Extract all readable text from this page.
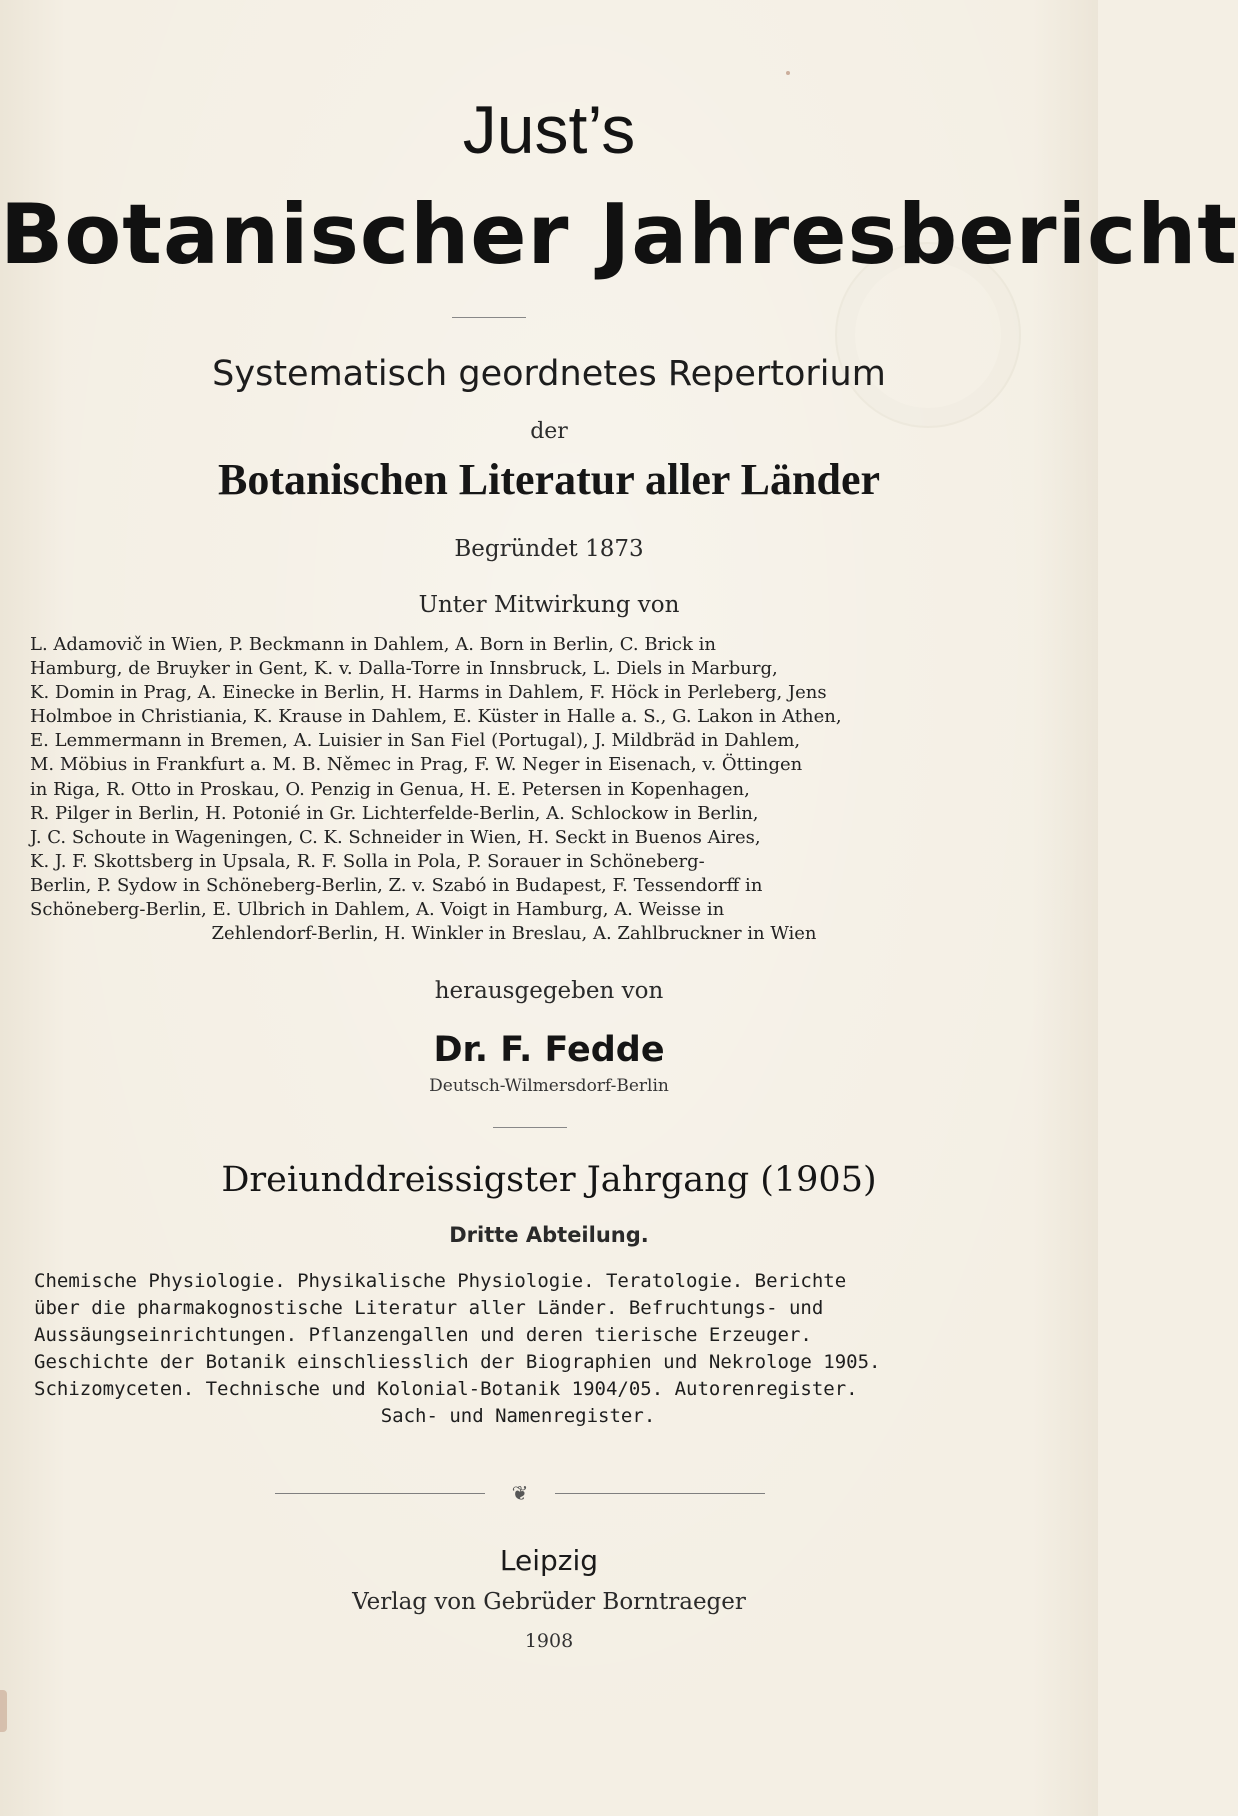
Just’s
Botanischer Jahresbericht
Systematisch geordnetes Repertorium
der
Botanischen Literatur aller Länder
Begründet 1873
Unter Mitwirkung von
L. Adamovič in Wien, P. Beckmann in Dahlem, A. Born in Berlin, C. Brick in
Hamburg, de Bruyker in Gent, K. v. Dalla-Torre in Innsbruck, L. Diels in Marburg,
K. Domin in Prag, A. Einecke in Berlin, H. Harms in Dahlem, F. Höck in Perleberg, Jens
Holmboe in Christiania, K. Krause in Dahlem, E. Küster in Halle a. S., G. Lakon in Athen,
E. Lemmermann in Bremen, A. Luisier in San Fiel (Portugal), J. Mildbräd in Dahlem,
M. Möbius in Frankfurt a. M. B. Němec in Prag, F. W. Neger in Eisenach, v. Öttingen
in Riga, R. Otto in Proskau, O. Penzig in Genua, H. E. Petersen in Kopenhagen,
R. Pilger in Berlin, H. Potonié in Gr. Lichterfelde-Berlin, A. Schlockow in Berlin,
J. C. Schoute in Wageningen, C. K. Schneider in Wien, H. Seckt in Buenos Aires,
K. J. F. Skottsberg in Upsala, R. F. Solla in Pola, P. Sorauer in Schöneberg-
Berlin, P. Sydow in Schöneberg-Berlin, Z. v. Szabó in Budapest, F. Tessendorff in
Schöneberg-Berlin, E. Ulbrich in Dahlem, A. Voigt in Hamburg, A. Weisse in
Zehlendorf-Berlin, H. Winkler in Breslau, A. Zahlbruckner in Wien
herausgegeben von
Dr. F. Fedde
Deutsch-Wilmersdorf-Berlin
Dreiunddreissigster Jahrgang (1905)
Dritte Abteilung.
Chemische Physiologie. Physikalische Physiologie. Teratologie. Berichte
über die pharmakognostische Literatur aller Länder. Befruchtungs- und
Aussäungseinrichtungen. Pflanzengallen und deren tierische Erzeuger.
Geschichte der Botanik einschliesslich der Biographien und Nekrologe 1905.
Schizomyceten. Technische und Kolonial-Botanik 1904/05. Autorenregister.
Sach- und Namenregister.
❦
Leipzig
Verlag von Gebrüder Borntraeger
1908
